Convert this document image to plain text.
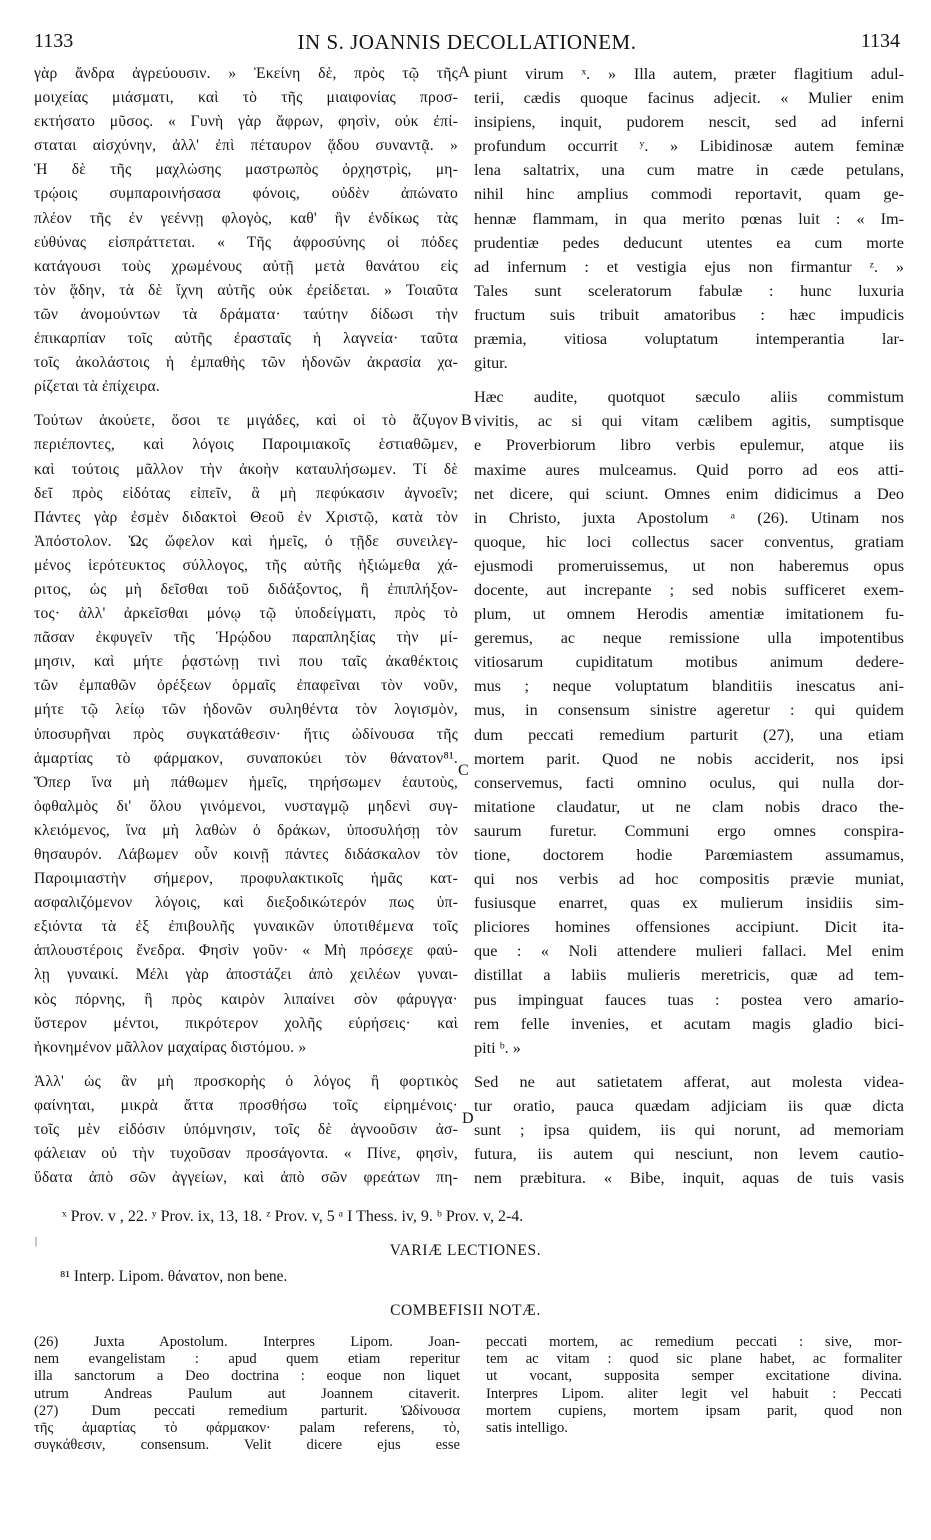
1133	IN S. JOANNIS DECOLLATIONEM.	1134
γὰρ ἄνδρα ἀγρεύουσιν. » Ἐκείνη δὲ, πρὸς τῷ τῆς
μοιχείας μιάσματι, καὶ τὸ τῆς μιαιφονίας προσ-
εκτήσατο μῦσος. « Γυνὴ γὰρ ἄφρων, φησὶν, οὐκ ἐπί-
σταται αἰσχύνην, ἀλλ' ἐπὶ πέταυρον ᾅδου συναντᾷ. »
Ἡ δὲ τῆς μαχλώσης μαστρωπὸς ὀρχηστρὶς, μη-
τρῴοις συμπαροινήσασα φόνοις, οὐδὲν ἀπώνατο
πλέον τῆς ἐν γεέννῃ φλογὸς, καθ' ἣν ἐνδίκως τὰς
εὐθύνας εἰσπράττεται. « Τῆς ἀφροσύνης οἱ πόδες
κατάγουσι τοὺς χρωμένους αὐτῇ μετὰ θανάτου εἰς
τὸν ᾅδην, τὰ δὲ ἴχνη αὐτῆς οὐκ ἐρείδεται. » Τοιαῦτα
τῶν ἀνομούντων τὰ δράματα· ταύτην δίδωσι τὴν
ἐπικαρπίαν τοῖς αὐτῆς ἐρασταῖς ἡ λαγνεία· ταῦτα
τοῖς ἀκολάστοις ἡ ἐμπαθὴς τῶν ἡδονῶν ἀκρασία χα-
ρίζεται τὰ ἐπίχειρα.
Τούτων ἀκούετε, ὅσοι τε μιγάδες, καὶ οἱ τὸ ἄζυγον
περιέποντες, καὶ λόγοις Παροιμιακοῖς ἑστιαθῶμεν,
καὶ τούτοις μᾶλλον τὴν ἀκοὴν καταυλήσωμεν. Τί δὲ
δεῖ πρὸς εἰδότας εἰπεῖν, ἃ μὴ πεφύκασιν ἀγνοεῖν;
Πάντες γὰρ ἐσμὲν διδακτοὶ Θεοῦ ἐν Χριστῷ, κατὰ τὸν
Ἀπόστολον. Ὡς ὤφελον καὶ ἡμεῖς, ὁ τῇδε συνειλεγ-
μένος ἱερότευκτος σύλλογος, τῆς αὐτῆς ἠξιώμεθα χά-
ριτος, ὡς μὴ δεῖσθαι τοῦ διδάξοντος, ἢ ἐπιπλήξον-
τος· ἀλλ' ἀρκεῖσθαι μόνῳ τῷ ὑποδείγματι, πρὸς τὸ
πᾶσαν ἐκφυγεῖν τῆς Ἡρῴδου παραπληξίας τὴν μί-
μησιν, καὶ μήτε ῥᾳστώνῃ τινὶ που ταῖς ἀκαθέκτοις
τῶν ἐμπαθῶν ὀρέξεων ὁρμαῖς ἐπαφεῖναι τὸν νοῦν,
μήτε τῷ λείῳ τῶν ἡδονῶν συληθέντα τὸν λογισμὸν,
ὑποσυρῆναι πρὸς συγκατάθεσιν· ἥτις ὠδίνουσα τῆς
ἁμαρτίας τὸ φάρμακον, συναποκύει τὸν θάνατον⁸¹.
Ὅπερ ἵνα μὴ πάθωμεν ἡμεῖς, τηρήσωμεν ἑαυτοὺς,
ὀφθαλμὸς δι' ὅλου γινόμενοι, νυσταγμῷ μηδενὶ συγ-
κλειόμενος, ἵνα μὴ λαθὼν ὁ δράκων, ὑποσυλήσῃ τὸν
θησαυρόν. Λάβωμεν οὖν κοινῇ πάντες διδάσκαλον τὸν
Παροιμιαστὴν σήμερον, προφυλακτικοῖς ἡμᾶς κατ-
ασφαλιζόμενον λόγοις, καὶ διεξοδικώτερόν πως ὑπ-
εξιόντα τὰ ἐξ ἐπιβουλῆς γυναικῶν ὑποτιθέμενα τοῖς
ἁπλουστέροις ἔνεδρα. Φησὶν γοῦν· « Μὴ πρόσεχε φαύ-
λῃ γυναικί. Μέλι γὰρ ἀποστάζει ἀπὸ χειλέων γυναι-
κὸς πόρνης, ἣ πρὸς καιρὸν λιπαίνει σὸν φάρυγγα·
ὕστερον μέντοι, πικρότερον χολῆς εὑρήσεις· καὶ
ἠκονημένον μᾶλλον μαχαίρας διστόμου. »
Ἀλλ' ὡς ἂν μὴ προσκορὴς ὁ λόγος ἢ φορτικὸς
φαίνηται, μικρὰ ἄττα προσθήσω τοῖς εἰρημένοις·
τοῖς μὲν εἰδόσιν ὑπόμνησιν, τοῖς δὲ ἀγνοοῦσιν ἀσ-
φάλειαν οὐ τὴν τυχοῦσαν προσάγοντα. « Πίνε, φησὶν,
ὕδατα ἀπὸ σῶν ἀγγείων, καὶ ἀπὸ σῶν φρεάτων πη-
piunt virum ˣ. » Illa autem, præter flagitium adul-
terii, cædis quoque facinus adjecit. « Mulier enim
insipiens, inquit, pudorem nescit, sed ad inferni
profundum occurrit ʸ. » Libidinosæ autem feminæ
lena saltatrix, una cum matre in cæde petulans,
nihil hinc amplius commodi reportavit, quam ge-
hennæ flammam, in qua merito pœnas luit : « Im-
prudentiæ pedes deducunt utentes ea cum morte
ad infernum : et vestigia ejus non firmantur ᶻ. »
Tales sunt sceleratorum fabulæ : hunc luxuria
fructum suis tribuit amatoribus : hæc impudicis
præmia, vitiosa voluptatum intemperantia lar-
gitur.
Hæc audite, quotquot sæculo aliis commistum
vivitis, ac si qui vitam cælibem agitis, sumptisque
e Proverbiorum libro verbis epulemur, atque iis
maxime aures mulceamus. Quid porro ad eos atti-
net dicere, qui sciunt. Omnes enim didicimus a Deo
in Christo, juxta Apostolum ᵃ (26). Utinam nos
quoque, hic loci collectus sacer conventus, gratiam
ejusmodi promeruissemus, ut non haberemus opus
docente, aut increpante ; sed nobis sufficeret exem-
plum, ut omnem Herodis amentiæ imitationem fu-
geremus, ac neque remissione ulla impotentibus
vitiosarum cupiditatum motibus animum dedere-
mus ; neque voluptatum blanditiis inescatus ani-
mus, in consensum sinistre ageretur : qui quidem
dum peccati remedium parturit (27), una etiam
mortem parit. Quod ne nobis acciderit, nos ipsi
conservemus, facti omnino oculus, qui nulla dor-
mitatione claudatur, ut ne clam nobis draco the-
saurum furetur. Communi ergo omnes conspira-
tione, doctorem hodie Parœmiastem assumamus,
qui nos verbis ad hoc compositis prævie muniat,
fusiusque enarret, quas ex mulierum insidiis sim-
pliciores homines offensiones accipiunt. Dicit ita-
que : « Noli attendere mulieri fallaci. Mel enim
distillat a labiis mulieris meretricis, quæ ad tem-
pus impinguat fauces tuas : postea vero amario-
rem felle invenies, et acutam magis gladio bici-
piti ᵇ. »
Sed ne aut satietatem afferat, aut molesta videa-
tur oratio, pauca quædam adjiciam iis quæ dicta
sunt ; ipsa quidem, iis qui norunt, ad memoriam
futura, iis autem qui nesciunt, non levem cautio-
nem præbitura. « Bibe, inquit, aquas de tuis vasis
A
B
C
D
ˣ Prov. v , 22. ʸ Prov. ix, 13, 18. ᶻ Prov. v, 5 ᵃ I Thess. iv, 9. ᵇ Prov. v, 2-4.
|
VARIÆ LECTIONES.
⁸¹ Interp. Lipom. θάνατον, non bene.
COMBEFISII NOTÆ.
(26) Juxta Apostolum. Interpres Lipom. Joan-
nem evangelistam : apud quem etiam reperitur
illa sanctorum a Deo doctrina : eoque non liquet
utrum Andreas Paulum aut Joannem citaverit.
(27) Dum peccati remedium parturit. Ὠδίνουσα
τῆς ἁμαρτίας τὸ φάρμακον· palam referens, τὸ,
συγκάθεσιν, consensum. Velit dicere ejus esse
peccati mortem, ac remedium peccati : sive, mor-
tem ac vitam : quod sic plane habet, ac formaliter
ut vocant, supposita semper excitatione divina.
Interpres Lipom. aliter legit vel habuit : Peccati
mortem cupiens, mortem ipsam parit, quod non
satis intelligo.
